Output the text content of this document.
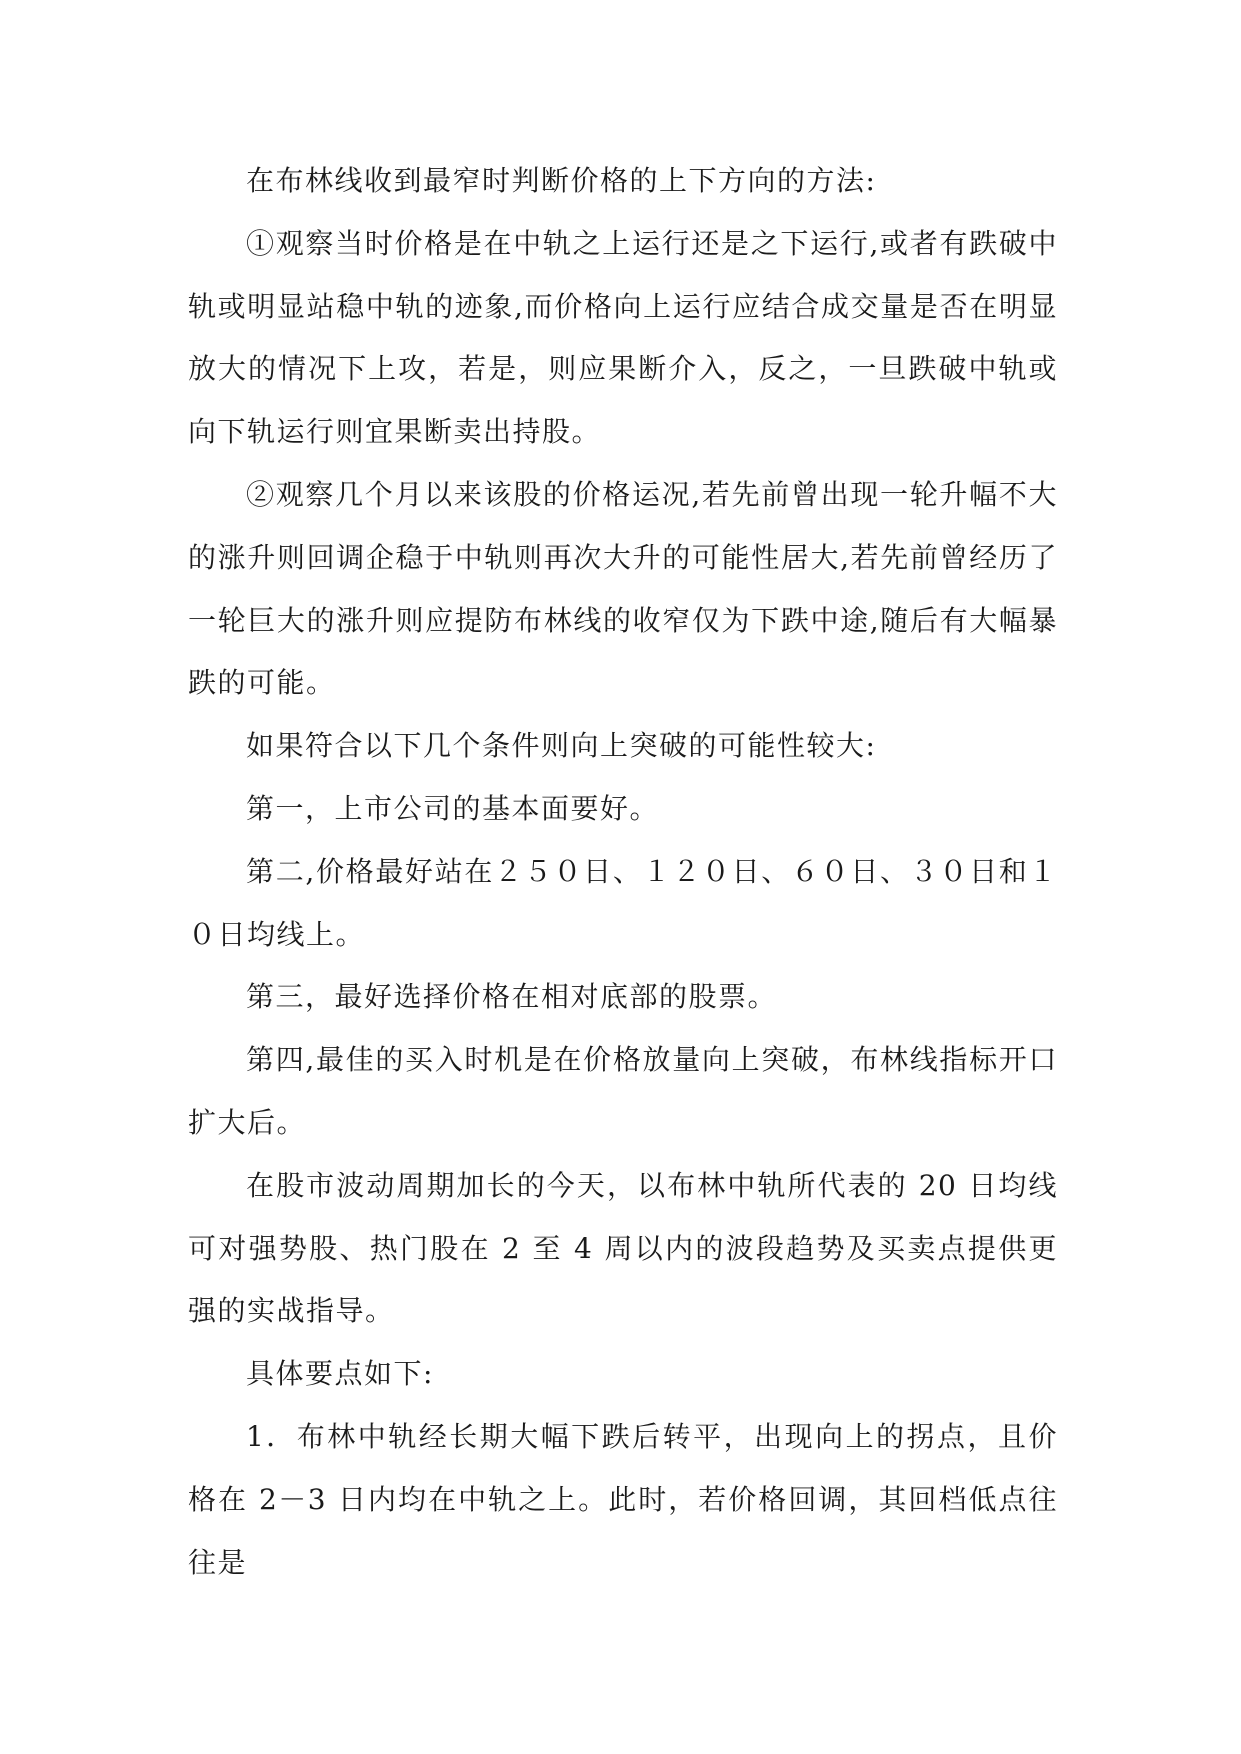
在布林线收到最窄时判断价格的上下方向的方法:

①观察当时价格是在中轨之上运行还是之下运行,或者有跌破中轨或明显站稳中轨的迹象,而价格向上运行应结合成交量是否在明显放大的情况下上攻，若是，则应果断介入，反之，一旦跌破中轨或向下轨运行则宜果断卖出持股。

②观察几个月以来该股的价格运况,若先前曾出现一轮升幅不大的涨升则回调企稳于中轨则再次大升的可能性居大,若先前曾经历了一轮巨大的涨升则应提防布林线的收窄仅为下跌中途,随后有大幅暴跌的可能。

如果符合以下几个条件则向上突破的可能性较大:

第一，上市公司的基本面要好。

第二,价格最好站在２５０日、１２０日、６０日、３０日和１０日均线上。

第三，最好选择价格在相对底部的股票。

第四,最佳的买入时机是在价格放量向上突破，布林线指标开口扩大后。

在股市波动周期加长的今天，以布林中轨所代表的 20 日均线可对强势股、热门股在 2 至 4 周以内的波段趋势及买卖点提供更强的实战指导。

具体要点如下:

1．布林中轨经长期大幅下跌后转平，出现向上的拐点，且价格在 2－3 日内均在中轨之上。此时，若价格回调，其回档低点往往是
